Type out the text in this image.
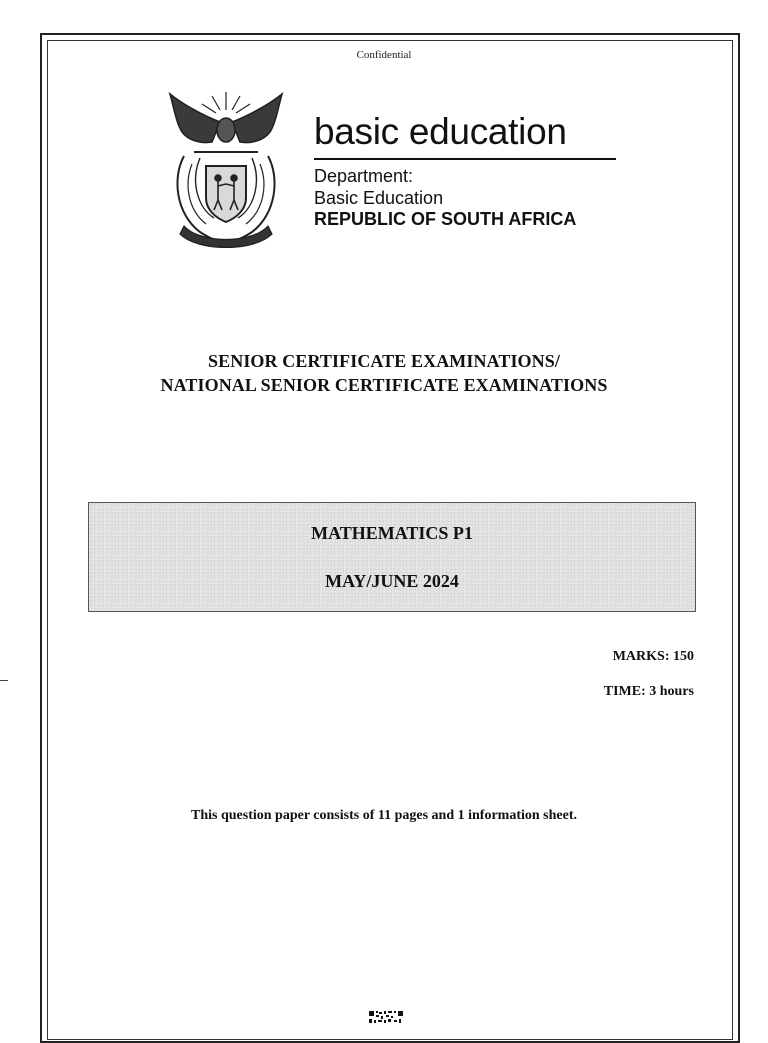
Confidential
basic education
Department:
Basic Education
REPUBLIC OF SOUTH AFRICA
SENIOR CERTIFICATE EXAMINATIONS/
NATIONAL SENIOR CERTIFICATE EXAMINATIONS
MATHEMATICS P1
MAY/JUNE 2024
MARKS: 150
TIME: 3 hours
This question paper consists of 11 pages and 1 information sheet.
